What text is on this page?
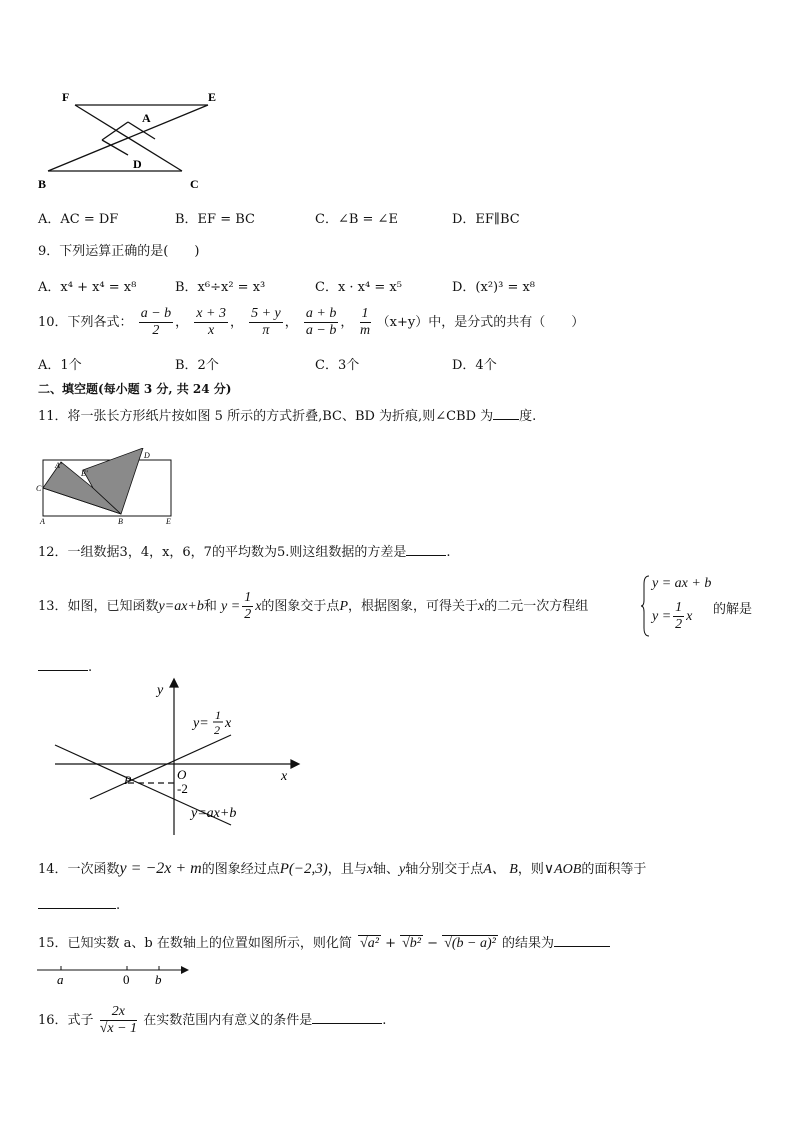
F	E
A
D
B	C
A．AC = DF	B．EF = BC	C．∠B = ∠E	D．EF∥BC
9．下列运算正确的是(　　)
A．x⁴ + x⁴ = x⁸	B．x⁶÷x² = x³	C．x · x⁴ = x⁵	D．(x²)³ = x⁸
10．下列各式： $\frac{a - b}{2}$ ， $\frac{x + 3}{x}$ ， $\frac{5 + y}{\pi}$ ， $\frac{a + b}{a - b}$ ， $\frac{1}{m} (x+y)$中，是分式的共有（　　）
A．1个	B．2个	C．3个	D．4个
二、填空题(每小题 3 分, 共 24 分)
11．将一张长方形纸片按如图 5 所示的方式折叠,BC、BD 为折痕,则∠CBD 为 度.
A'
E'
D
C
A	B	E
12．一组数据3，4，x，6，7的平均数为5.则这组数据的方差是	.
13．如图，已知函数y=ax+b和 $y = \frac{1}{2}$ x的图象交于点P，根据图象，可得关于x的二元一次方程组
y = ax + b
$y = \frac{1}{2}$ x 的解是
.
y
x
O
P
-2
y=
1
2 x
y=ax+b
14．一次函数y = −2x + m的图象经过点P(−2,3)，且与x轴、y轴分别交于点A、 B，则∨AOB的面积等于
.
15．已知实数 a、b 在数轴上的位置如图所示，则化简 √a² + √b² − √(b − a)² 的结果为
a	0 b
16．式子 $\frac{2x}{√x - 1}$ 在实数范围内有意义的条件是	.
